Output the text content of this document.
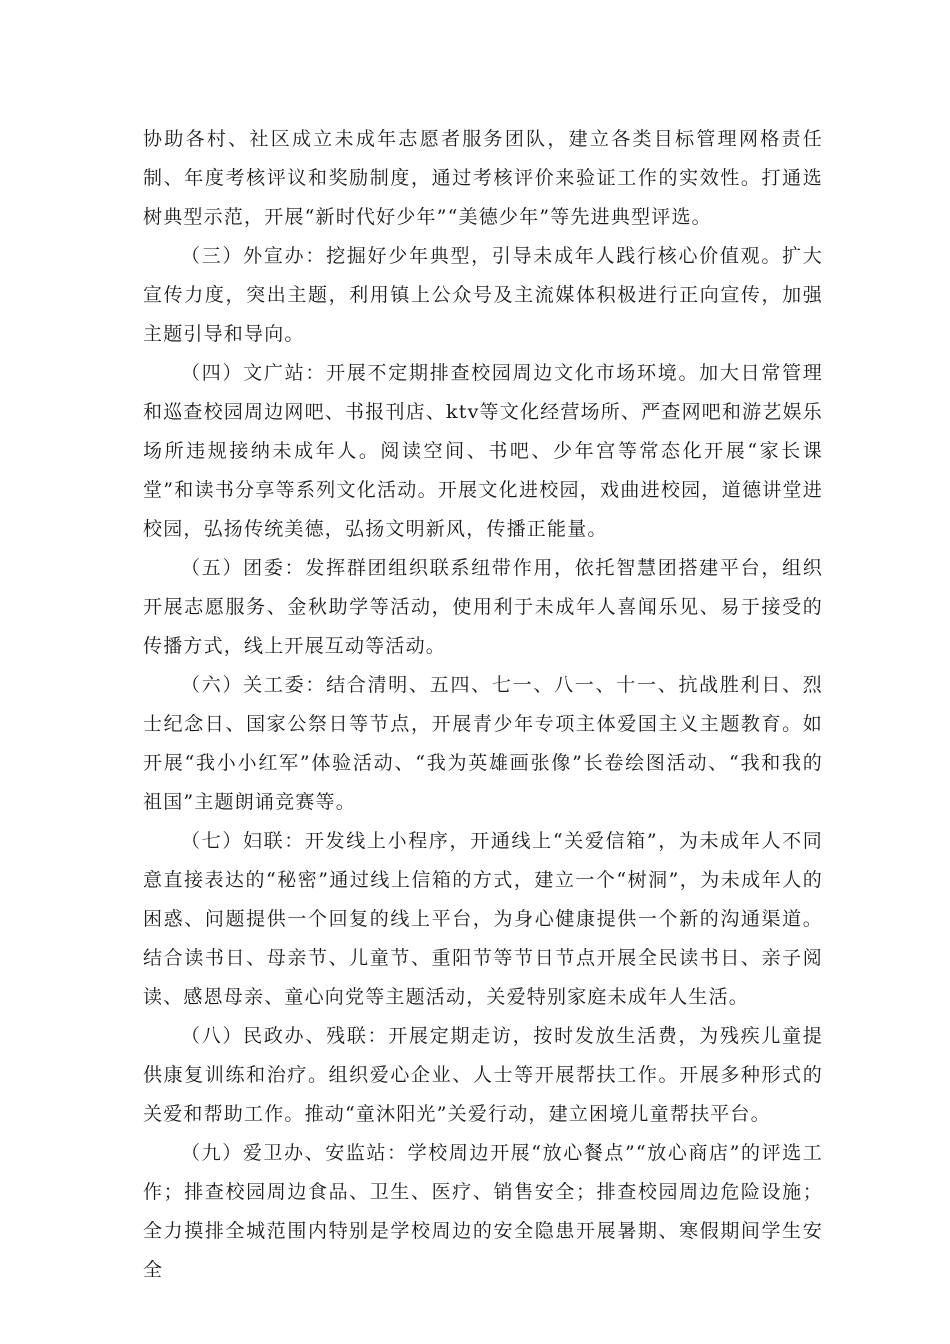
协助各村、社区成立未成年志愿者服务团队，建立各类目标管理网格责任制、年度考核评议和奖励制度，通过考核评价来验证工作的实效性。打通选树典型示范，开展“新时代好少年”“美德少年”等先进典型评选。

（三）外宣办：挖掘好少年典型，引导未成年人践行核心价值观。扩大宣传力度，突出主题，利用镇上公众号及主流媒体积极进行正向宣传，加强主题引导和导向。

（四）文广站：开展不定期排查校园周边文化市场环境。加大日常管理和巡查校园周边网吧、书报刊店、ktv等文化经营场所、严查网吧和游艺娱乐场所违规接纳未成年人。阅读空间、书吧、少年宫等常态化开展“家长课堂”和读书分享等系列文化活动。开展文化进校园，戏曲进校园，道德讲堂进校园，弘扬传统美德，弘扬文明新风，传播正能量。

（五）团委：发挥群团组织联系纽带作用，依托智慧团搭建平台，组织开展志愿服务、金秋助学等活动，使用利于未成年人喜闻乐见、易于接受的传播方式，线上开展互动等活动。

（六）关工委：结合清明、五四、七一、八一、十一、抗战胜利日、烈士纪念日、国家公祭日等节点，开展青少年专项主体爱国主义主题教育。如开展“我小小红军”体验活动、“我为英雄画张像”长卷绘图活动、“我和我的祖国”主题朗诵竞赛等。

（七）妇联：开发线上小程序，开通线上“关爱信箱”，为未成年人不同意直接表达的“秘密”通过线上信箱的方式，建立一个“树洞”，为未成年人的困惑、问题提供一个回复的线上平台，为身心健康提供一个新的沟通渠道。结合读书日、母亲节、儿童节、重阳节等节日节点开展全民读书日、亲子阅读、感恩母亲、童心向党等主题活动，关爱特别家庭未成年人生活。

（八）民政办、残联：开展定期走访，按时发放生活费，为残疾儿童提供康复训练和治疗。组织爱心企业、人士等开展帮扶工作。开展多种形式的关爱和帮助工作。推动“童沐阳光”关爱行动，建立困境儿童帮扶平台。

（九）爱卫办、安监站：学校周边开展“放心餐点”“放心商店”的评选工作；排查校园周边食品、卫生、医疗、销售安全；排查校园周边危险设施；全力摸排全城范围内特别是学校周边的安全隐患开展暑期、寒假期间学生安全
